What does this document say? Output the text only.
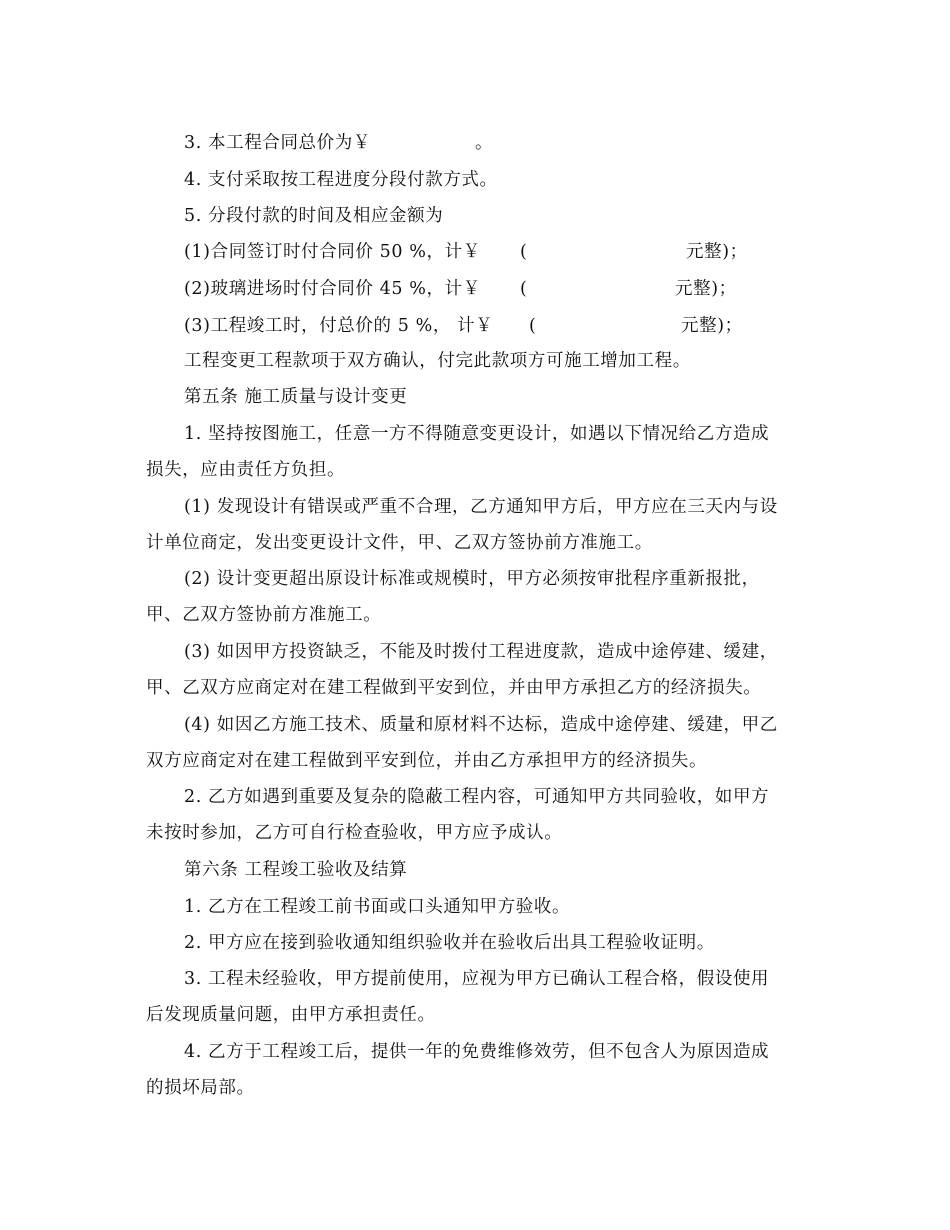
3. 本工程合同总价为￥	。
4. 支付采取按工程进度分段付款方式。
5. 分段付款的时间及相应金额为
(1)合同签订时付合同价 50 %，计￥ (	元整)；
(2)玻璃进场时付合同价 45 %，计￥ (	元整)；
(3)工程竣工时，付总价的 5 %， 计￥ (	元整)；
工程变更工程款项于双方确认，付完此款项方可施工增加工程。
第五条 施工质量与设计变更
1. 坚持按图施工，任意一方不得随意变更设计，如遇以下情况给乙方造成
损失，应由责任方负担。
(1) 发现设计有错误或严重不合理，乙方通知甲方后，甲方应在三天内与设
计单位商定，发出变更设计文件，甲、乙双方签协前方准施工。
(2) 设计变更超出原设计标准或规模时，甲方必须按审批程序重新报批，
甲、乙双方签协前方准施工。
(3) 如因甲方投资缺乏，不能及时拨付工程进度款，造成中途停建、缓建，
甲、乙双方应商定对在建工程做到平安到位，并由甲方承担乙方的经济损失。
(4) 如因乙方施工技术、质量和原材料不达标，造成中途停建、缓建，甲乙
双方应商定对在建工程做到平安到位，并由乙方承担甲方的经济损失。
2. 乙方如遇到重要及复杂的隐蔽工程内容，可通知甲方共同验收，如甲方
未按时参加，乙方可自行检查验收，甲方应予成认。
第六条 工程竣工验收及结算
1. 乙方在工程竣工前书面或口头通知甲方验收。
2. 甲方应在接到验收通知组织验收并在验收后出具工程验收证明。
3. 工程未经验收，甲方提前使用，应视为甲方已确认工程合格，假设使用
后发现质量问题，由甲方承担责任。
4. 乙方于工程竣工后，提供一年的免费维修效劳，但不包含人为原因造成
的损坏局部。
